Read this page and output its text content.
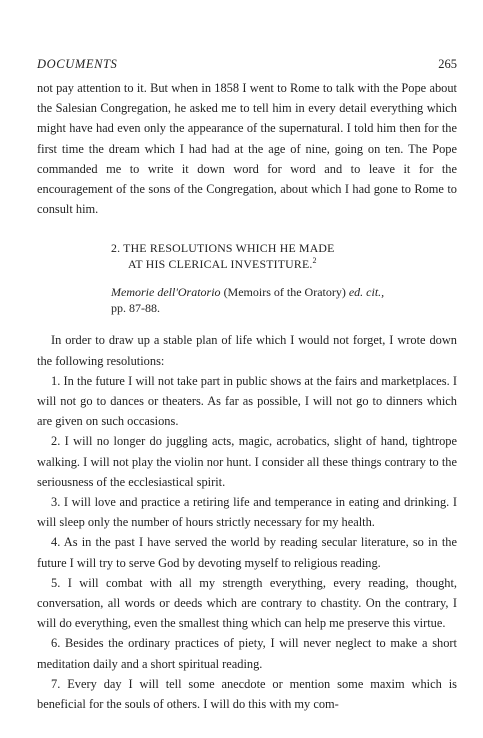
DOCUMENTS	265

not pay attention to it. But when in 1858 I went to Rome to talk with the Pope about the Salesian Congregation, he asked me to tell him in every detail everything which might have had even only the appearance of the supernatural. I told him then for the first time the dream which I had had at the age of nine, going on ten. The Pope commanded me to write it down word for word and to leave it for the encouragement of the sons of the Congregation, about which I had gone to Rome to consult him.

2. THE RESOLUTIONS WHICH HE MADE
AT HIS CLERICAL INVESTITURE.$^2$
Memorie dell'Oratorio (Memoirs of the Oratory) ed. cit.,
pp. 87-88.

In order to draw up a stable plan of life which I would not forget, I wrote down the following resolutions:

1. In the future I will not take part in public shows at the fairs and marketplaces. I will not go to dances or theaters. As far as possible, I will not go to dinners which are given on such occasions.

2. I will no longer do juggling acts, magic, acrobatics, slight of hand, tightrope walking. I will not play the violin nor hunt. I consider all these things contrary to the seriousness of the ecclesiastical spirit.

3. I will love and practice a retiring life and temperance in eating and drinking. I will sleep only the number of hours strictly necessary for my health.

4. As in the past I have served the world by reading secular literature, so in the future I will try to serve God by devoting myself to religious reading.

5. I will combat with all my strength everything, every reading, thought, conversation, all words or deeds which are contrary to chastity. On the contrary, I will do everything, even the smallest thing which can help me preserve this virtue.

6. Besides the ordinary practices of piety, I will never neglect to make a short meditation daily and a short spiritual reading.

7. Every day I will tell some anecdote or mention some maxim which is beneficial for the souls of others. I will do this with my com-
